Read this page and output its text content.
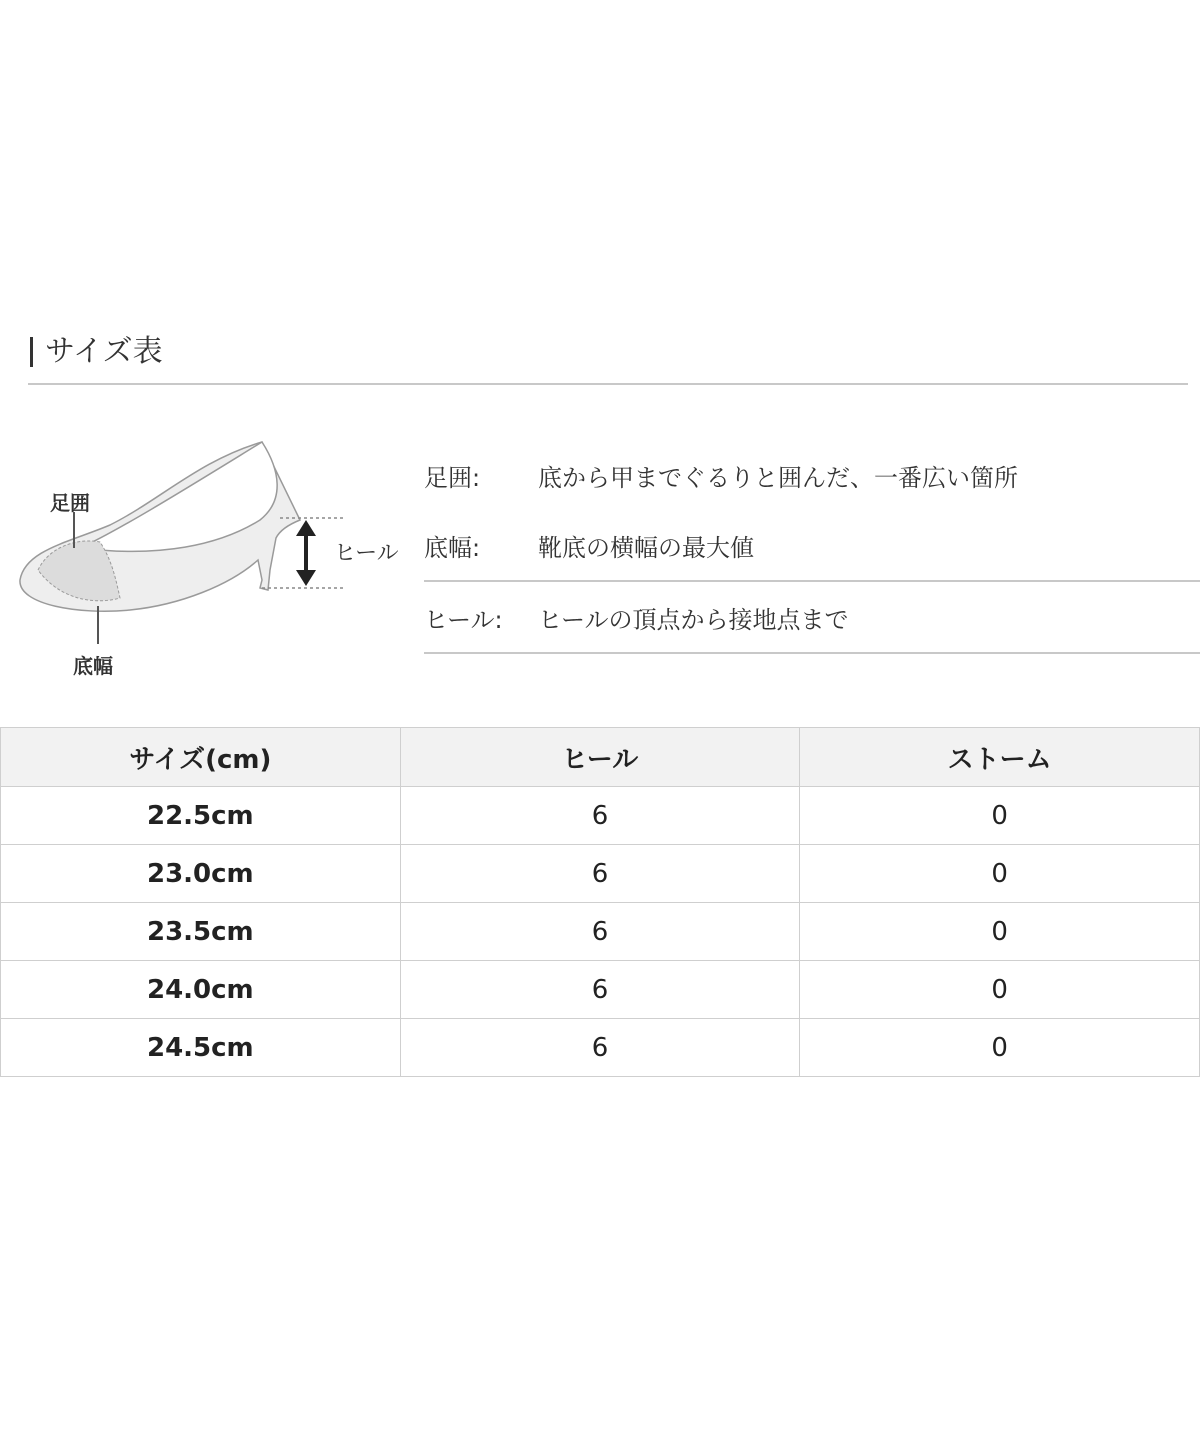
サイズ表
足囲
底幅
ヒール
足囲:	底から甲までぐるりと囲んだ、一番広い箇所
底幅:	靴底の横幅の最大値
ヒール:	ヒールの頂点から接地点まで
サイズ(cm)	ヒール	ストーム
22.5cm	6	0
23.0cm	6	0
23.5cm	6	0
24.0cm	6	0
24.5cm	6	0
